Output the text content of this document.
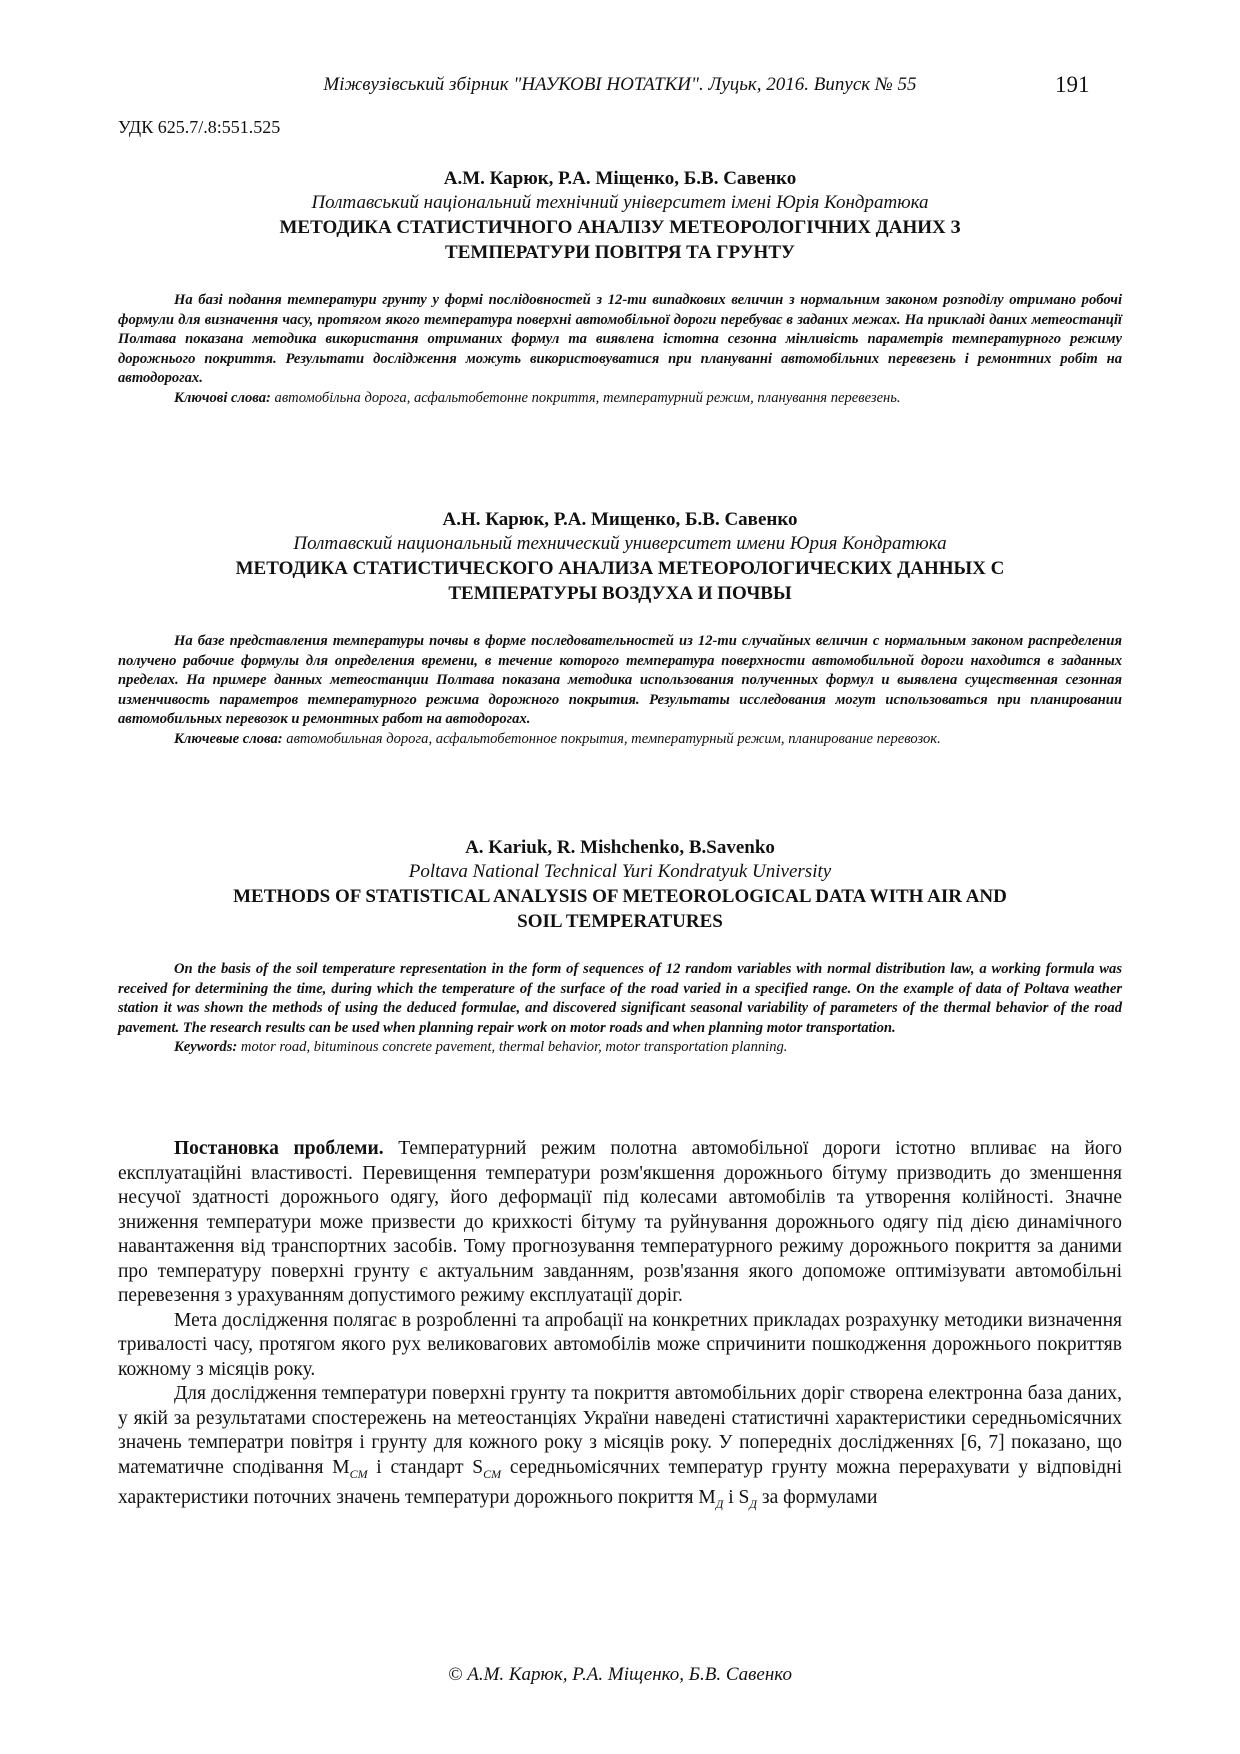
Міжвузівський збірник "НАУКОВІ НОТАТКИ". Луцьк, 2016. Випуск № 55	191
УДК 625.7/.8:551.525
А.М. Карюк, Р.А. Міщенко, Б.В. Савенко
Полтавський національний технічний університет імені Юрія Кондратюка
МЕТОДИКА СТАТИСТИЧНОГО АНАЛІЗУ МЕТЕОРОЛОГІЧНИХ ДАНИХ З
ТЕМПЕРАТУРИ ПОВІТРЯ ТА ГРУНТУ
На базі подання температури грунту у формі послідовностей з 12-ти випадкових величин з нормальним законом розподілу отримано робочі формули для визначення часу, протягом якого температура поверхні автомобільної дороги перебуває в заданих межах. На прикладі даних метеостанції Полтава показана методика використання отриманих формул та виявлена істотна сезонна мінливість параметрів температурного режиму дорожнього покриття. Результати дослідження можуть використовуватися при плануванні автомобільних перевезень і ремонтних робіт на автодорогах.
Ключові слова: автомобільна дорога, асфальтобетонне покриття, температурний режим, планування перевезень.
А.Н. Карюк, Р.А. Мищенко, Б.В. Савенко
Полтавский национальный технический университет имени Юрия Кондратюка
МЕТОДИКА СТАТИСТИЧЕСКОГО АНАЛИЗА МЕТЕОРОЛОГИЧЕСКИХ ДАННЫХ С
ТЕМПЕРАТУРЫ ВОЗДУХА И ПОЧВЫ
На базе представления температуры почвы в форме последовательностей из 12-ти случайных величин с нормальным законом распределения получено рабочие формулы для определения времени, в течение которого температура поверхности автомобильной дороги находится в заданных пределах. На примере данных метеостанции Полтава показана методика использования полученных формул и выявлена существенная сезонная изменчивость параметров температурного режима дорожного покрытия. Результаты исследования могут использоваться при планировании автомобильных перевозок и ремонтных работ на автодорогах.
Ключевые слова: автомобильная дорога, асфальтобетонное покрытия, температурный режим, планирование перевозок.
A. Kariuk, R. Mishchenko, B.Savenko
Poltava National Technical Yuri Kondratyuk University
METHODS OF STATISTICAL ANALYSIS OF METEOROLOGICAL DATA WITH AIR AND
SOIL TEMPERATURES
On the basis of the soil temperature representation in the form of sequences of 12 random variables with normal distribution law, a working formula was received for determining the time, during which the temperature of the surface of the road varied in a specified range. On the example of data of Poltava weather station it was shown the methods of using the deduced formulae, and discovered significant seasonal variability of parameters of the thermal behavior of the road pavement. The research results can be used when planning repair work on motor roads and when planning motor transportation.
Keywords: motor road, bituminous concrete pavement, thermal behavior, motor transportation planning.

Постановка проблеми. Температурний режим полотна автомобільної дороги істотно впливає на його експлуатаційні властивості. Перевищення температури розм'якшення дорожнього бітуму призводить до зменшення несучої здатності дорожнього одягу, його деформації під колесами автомобілів та утворення колійності. Значне зниження температури може призвести до крихкості бітуму та руйнування дорожнього одягу під дією динамічного навантаження від транспортних засобів. Тому прогнозування температурного режиму дорожнього покриття за даними про температуру поверхні грунту є актуальним завданням, розв'язання якого допоможе оптимізувати автомобільні перевезення з урахуванням допустимого режиму експлуатації доріг.

Мета дослідження полягає в розробленні та апробації на конкретних прикладах розрахунку методики визначення тривалості часу, протягом якого рух великовагових автомобілів може спричинити пошкодження дорожнього покриттяв кожному з місяців року.

Для дослідження температури поверхні грунту та покриття автомобільних доріг створена електронна база даних, у якій за результатами спостережень на метеостанціях України наведені статистичні характеристики середньомісячних значень температри повітря і грунту для кожного року з місяців року. У попередніх дослідженнях [6, 7] показано, що математичне сподівання $M_{CM}$ і стандарт $S_{CM}$ середньомісячних температур грунту можна перерахувати у відповідні характеристики поточних значень температури дорожнього покриття $M_Д$ і $S_Д$ за формулами

© А.М. Карюк, Р.А. Міщенко, Б.В. Савенко
